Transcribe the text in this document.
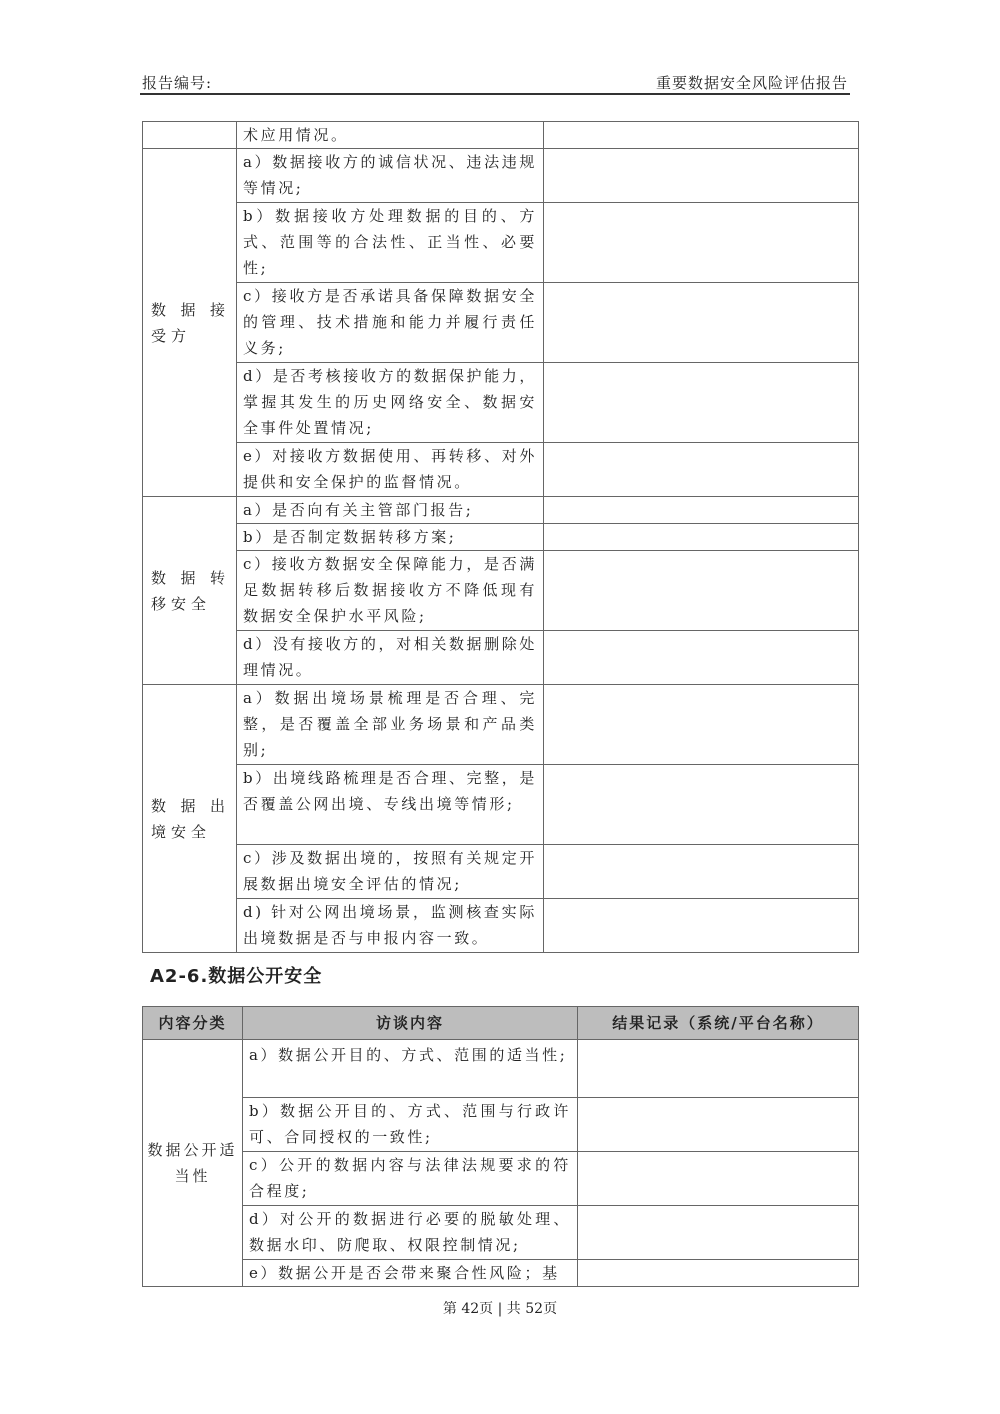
报告编号:	重要数据安全风险评估报告
	术应用情况。	
数据接受方	a）数据接收方的诚信状况、违法违规等情况;	
	b）数据接收方处理数据的目的、方式、范围等的合法性、正当性、必要性;	
	c）接收方是否承诺具备保障数据安全的管理、技术措施和能力并履行责任义务;	
	d）是否考核接收方的数据保护能力，掌握其发生的历史网络安全、数据安全事件处置情况;	
	e）对接收方数据使用、再转移、对外提供和安全保护的监督情况。	
数据转移安全	a）是否向有关主管部门报告;	
	b）是否制定数据转移方案;	
	c）接收方数据安全保障能力，是否满足数据转移后数据接收方不降低现有数据安全保护水平风险;	
	d）没有接收方的，对相关数据删除处理情况。	
数据出境安全	a）数据出境场景梳理是否合理、完整，是否覆盖全部业务场景和产品类别;	
	b）出境线路梳理是否合理、完整，是否覆盖公网出境、专线出境等情形;	
	c）涉及数据出境的，按照有关规定开展数据出境安全评估的情况;	
	d) 针对公网出境场景，监测核查实际出境数据是否与申报内容一致。	
A2-6.数据公开安全
内容分类	访谈内容	结果记录（系统/平台名称）
数据公开适当性	a）数据公开目的、方式、范围的适当性;	
	b）数据公开目的、方式、范围与行政许可、合同授权的一致性;	
	c）公开的数据内容与法律法规要求的符合程度;	
	d）对公开的数据进行必要的脱敏处理、数据水印、防爬取、权限控制情况;	
	e）数据公开是否会带来聚合性风险；基	
第 42页 | 共 52页
